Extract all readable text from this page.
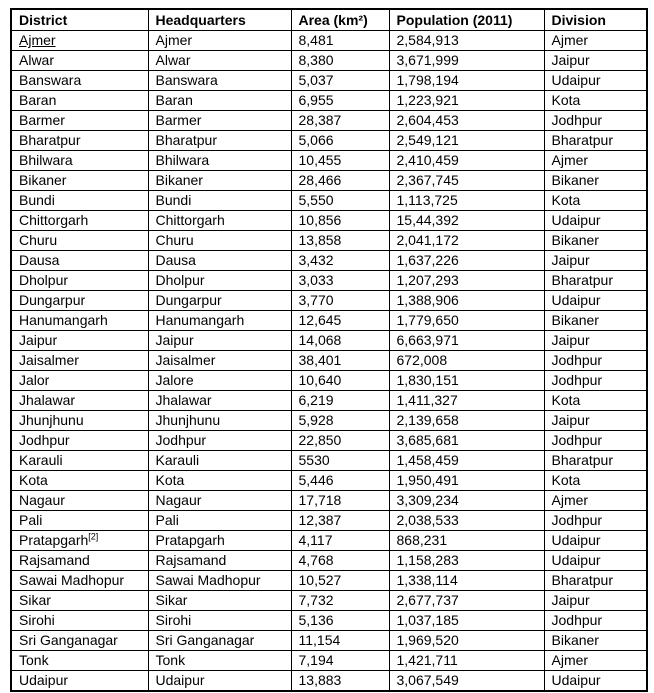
District	Headquarters	Area (km²)	Population (2011)	Division
Ajmer	Ajmer	8,481	2,584,913	Ajmer
Alwar	Alwar	8,380	3,671,999	Jaipur
Banswara	Banswara	5,037	1,798,194	Udaipur
Baran	Baran	6,955	1,223,921	Kota
Barmer	Barmer	28,387	2,604,453	Jodhpur
Bharatpur	Bharatpur	5,066	2,549,121	Bharatpur
Bhilwara	Bhilwara	10,455	2,410,459	Ajmer
Bikaner	Bikaner	28,466	2,367,745	Bikaner
Bundi	Bundi	5,550	1,113,725	Kota
Chittorgarh	Chittorgarh	10,856	15,44,392	Udaipur
Churu	Churu	13,858	2,041,172	Bikaner
Dausa	Dausa	3,432	1,637,226	Jaipur
Dholpur	Dholpur	3,033	1,207,293	Bharatpur
Dungarpur	Dungarpur	3,770	1,388,906	Udaipur
Hanumangarh	Hanumangarh	12,645	1,779,650	Bikaner
Jaipur	Jaipur	14,068	6,663,971	Jaipur
Jaisalmer	Jaisalmer	38,401	672,008	Jodhpur
Jalor	Jalore	10,640	1,830,151	Jodhpur
Jhalawar	Jhalawar	6,219	1,411,327	Kota
Jhunjhunu	Jhunjhunu	5,928	2,139,658	Jaipur
Jodhpur	Jodhpur	22,850	3,685,681	Jodhpur
Karauli	Karauli	5530	1,458,459	Bharatpur
Kota	Kota	5,446	1,950,491	Kota
Nagaur	Nagaur	17,718	3,309,234	Ajmer
Pali	Pali	12,387	2,038,533	Jodhpur
Pratapgarh[2]	Pratapgarh	4,117	868,231	Udaipur
Rajsamand	Rajsamand	4,768	1,158,283	Udaipur
Sawai Madhopur	Sawai Madhopur	10,527	1,338,114	Bharatpur
Sikar	Sikar	7,732	2,677,737	Jaipur
Sirohi	Sirohi	5,136	1,037,185	Jodhpur
Sri Ganganagar	Sri Ganganagar	11,154	1,969,520	Bikaner
Tonk	Tonk	7,194	1,421,711	Ajmer
Udaipur	Udaipur	13,883	3,067,549	Udaipur
